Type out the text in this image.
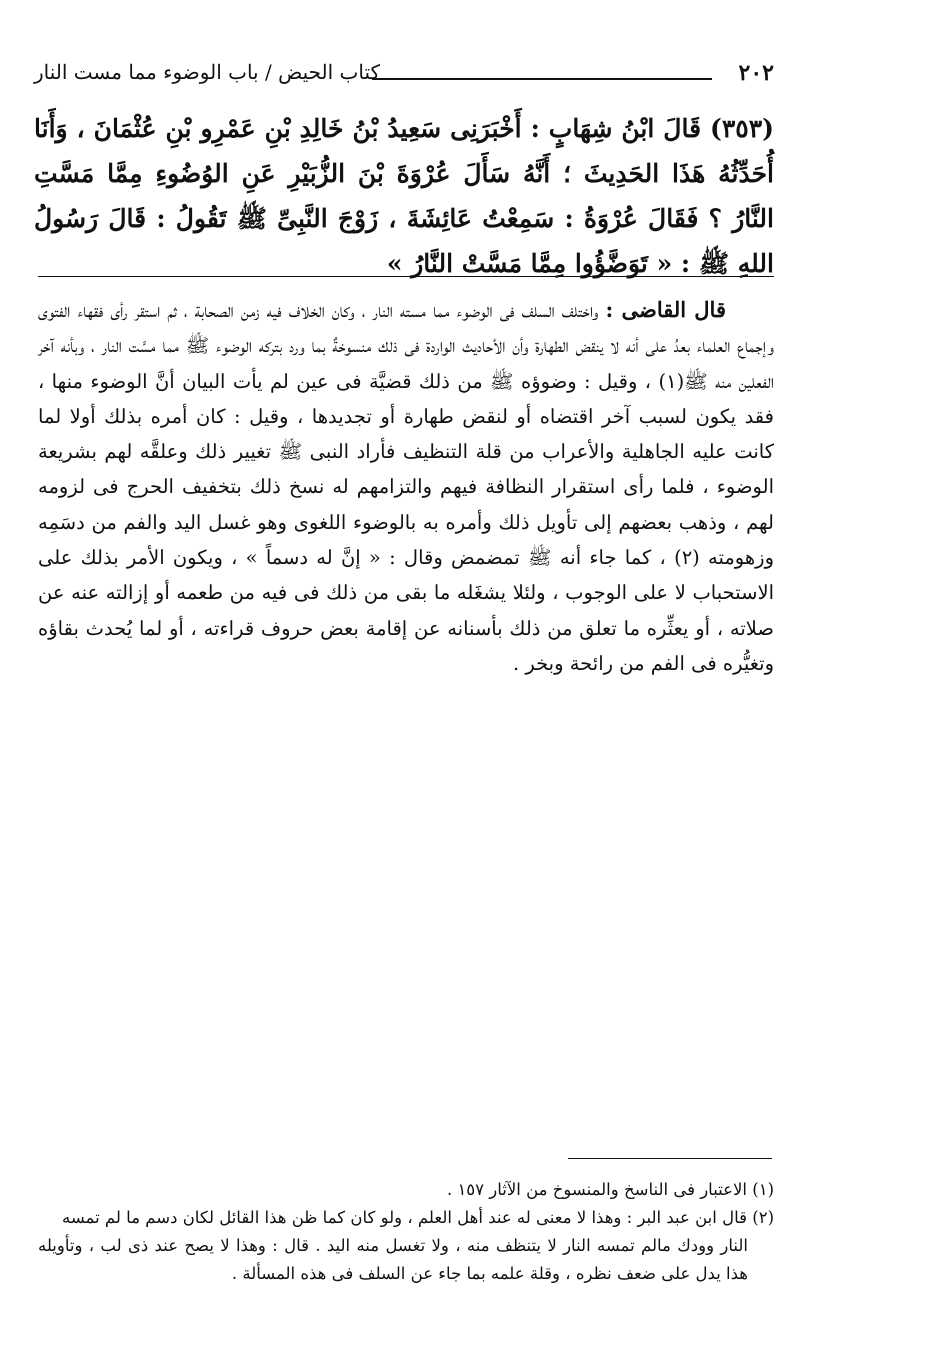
٢٠٢
كتاب الحيض / باب الوضوء مما مست النار

(٣٥٣) قَالَ ابْنُ شِهَابٍ : أَخْبَرَنِى سَعِيدُ بْنُ خَالِدِ بْنِ عَمْرِو بْنِ عُثْمَانَ ، وَأَنَا أُحَدِّثُهُ هَذَا الحَدِيثَ ؛ أَنَّهُ سَأَلَ عُرْوَةَ بْنَ الزُّبَيْرِ عَنِ الوُضُوءِ مِمَّا مَسَّتِ النَّارُ ؟ فَقَالَ عُرْوَةُ : سَمِعْتُ عَائِشَةَ ، زَوْجَ النَّبِىِّ ﷺ تَقُولُ : قَالَ رَسُولُ اللهِ ﷺ : « تَوَضَّؤُوا مِمَّا مَسَّتْ النَّارُ »

قال القاضى : واختلف السلف فى الوضوء مما مسته النار ، وكان الخلاف فيه زمن الصحابة ، ثم استقر رأى فقهاء الفتوى وإجماع العلماء بعدُ على أنه لا ينقض الطهارة وأن الأحاديث الواردة فى ذلك منسوخةٌ بما ورد بتركه الوضوء ﷺ مما مسَّت النار ، وبأنه آخر الفعلين منه ﷺ(١) ، وقيل : وضوؤه ﷺ من ذلك قضيَّة فى عين لم يأت البيان أنَّ الوضوء منها ، فقد يكون لسبب آخر اقتضاه أو لنقض طهارة أو تجديدها ، وقيل : كان أمره بذلك أولا لما كانت عليه الجاهلية والأعراب من قلة التنظيف فأراد النبى ﷺ تغيير ذلك وعلقَّه لهم بشريعة الوضوء ، فلما رأى استقرار النظافة فيهم والتزامهم له نسخ ذلك بتخفيف الحرج فى لزومه لهم ، وذهب بعضهم إلى تأويل ذلك وأمره به بالوضوء اللغوى وهو غسل اليد والفم من دسَمِه وزهومته (٢) ، كما جاء أنه ﷺ تمضمض وقال : « إنَّ له دسماً » ، ويكون الأمر بذلك على الاستحباب لا على الوجوب ، ولئلا يشغَله ما بقى من ذلك فى فيه من طعمه أو إزالته عنه عن صلاته ، أو يعثِّره ما تعلق من ذلك بأسنانه عن إقامة بعض حروف قراءته ، أو لما يُحدث بقاؤه وتغيُّره فى الفم من رائحة وبخر .

(١) الاعتبار فى الناسخ والمنسوخ من الآثار ١٥٧ .

(٢) قال ابن عبد البر : وهذا لا معنى له عند أهل العلم ، ولو كان كما ظن هذا القائل لكان دسم ما لم تمسه

النار وودك مالم تمسه النار لا يتنظف منه ، ولا تغسل منه اليد . قال : وهذا لا يصح عند ذى لب ، وتأويله هذا يدل على ضعف نظره ، وقلة علمه بما جاء عن السلف فى هذه المسألة .
